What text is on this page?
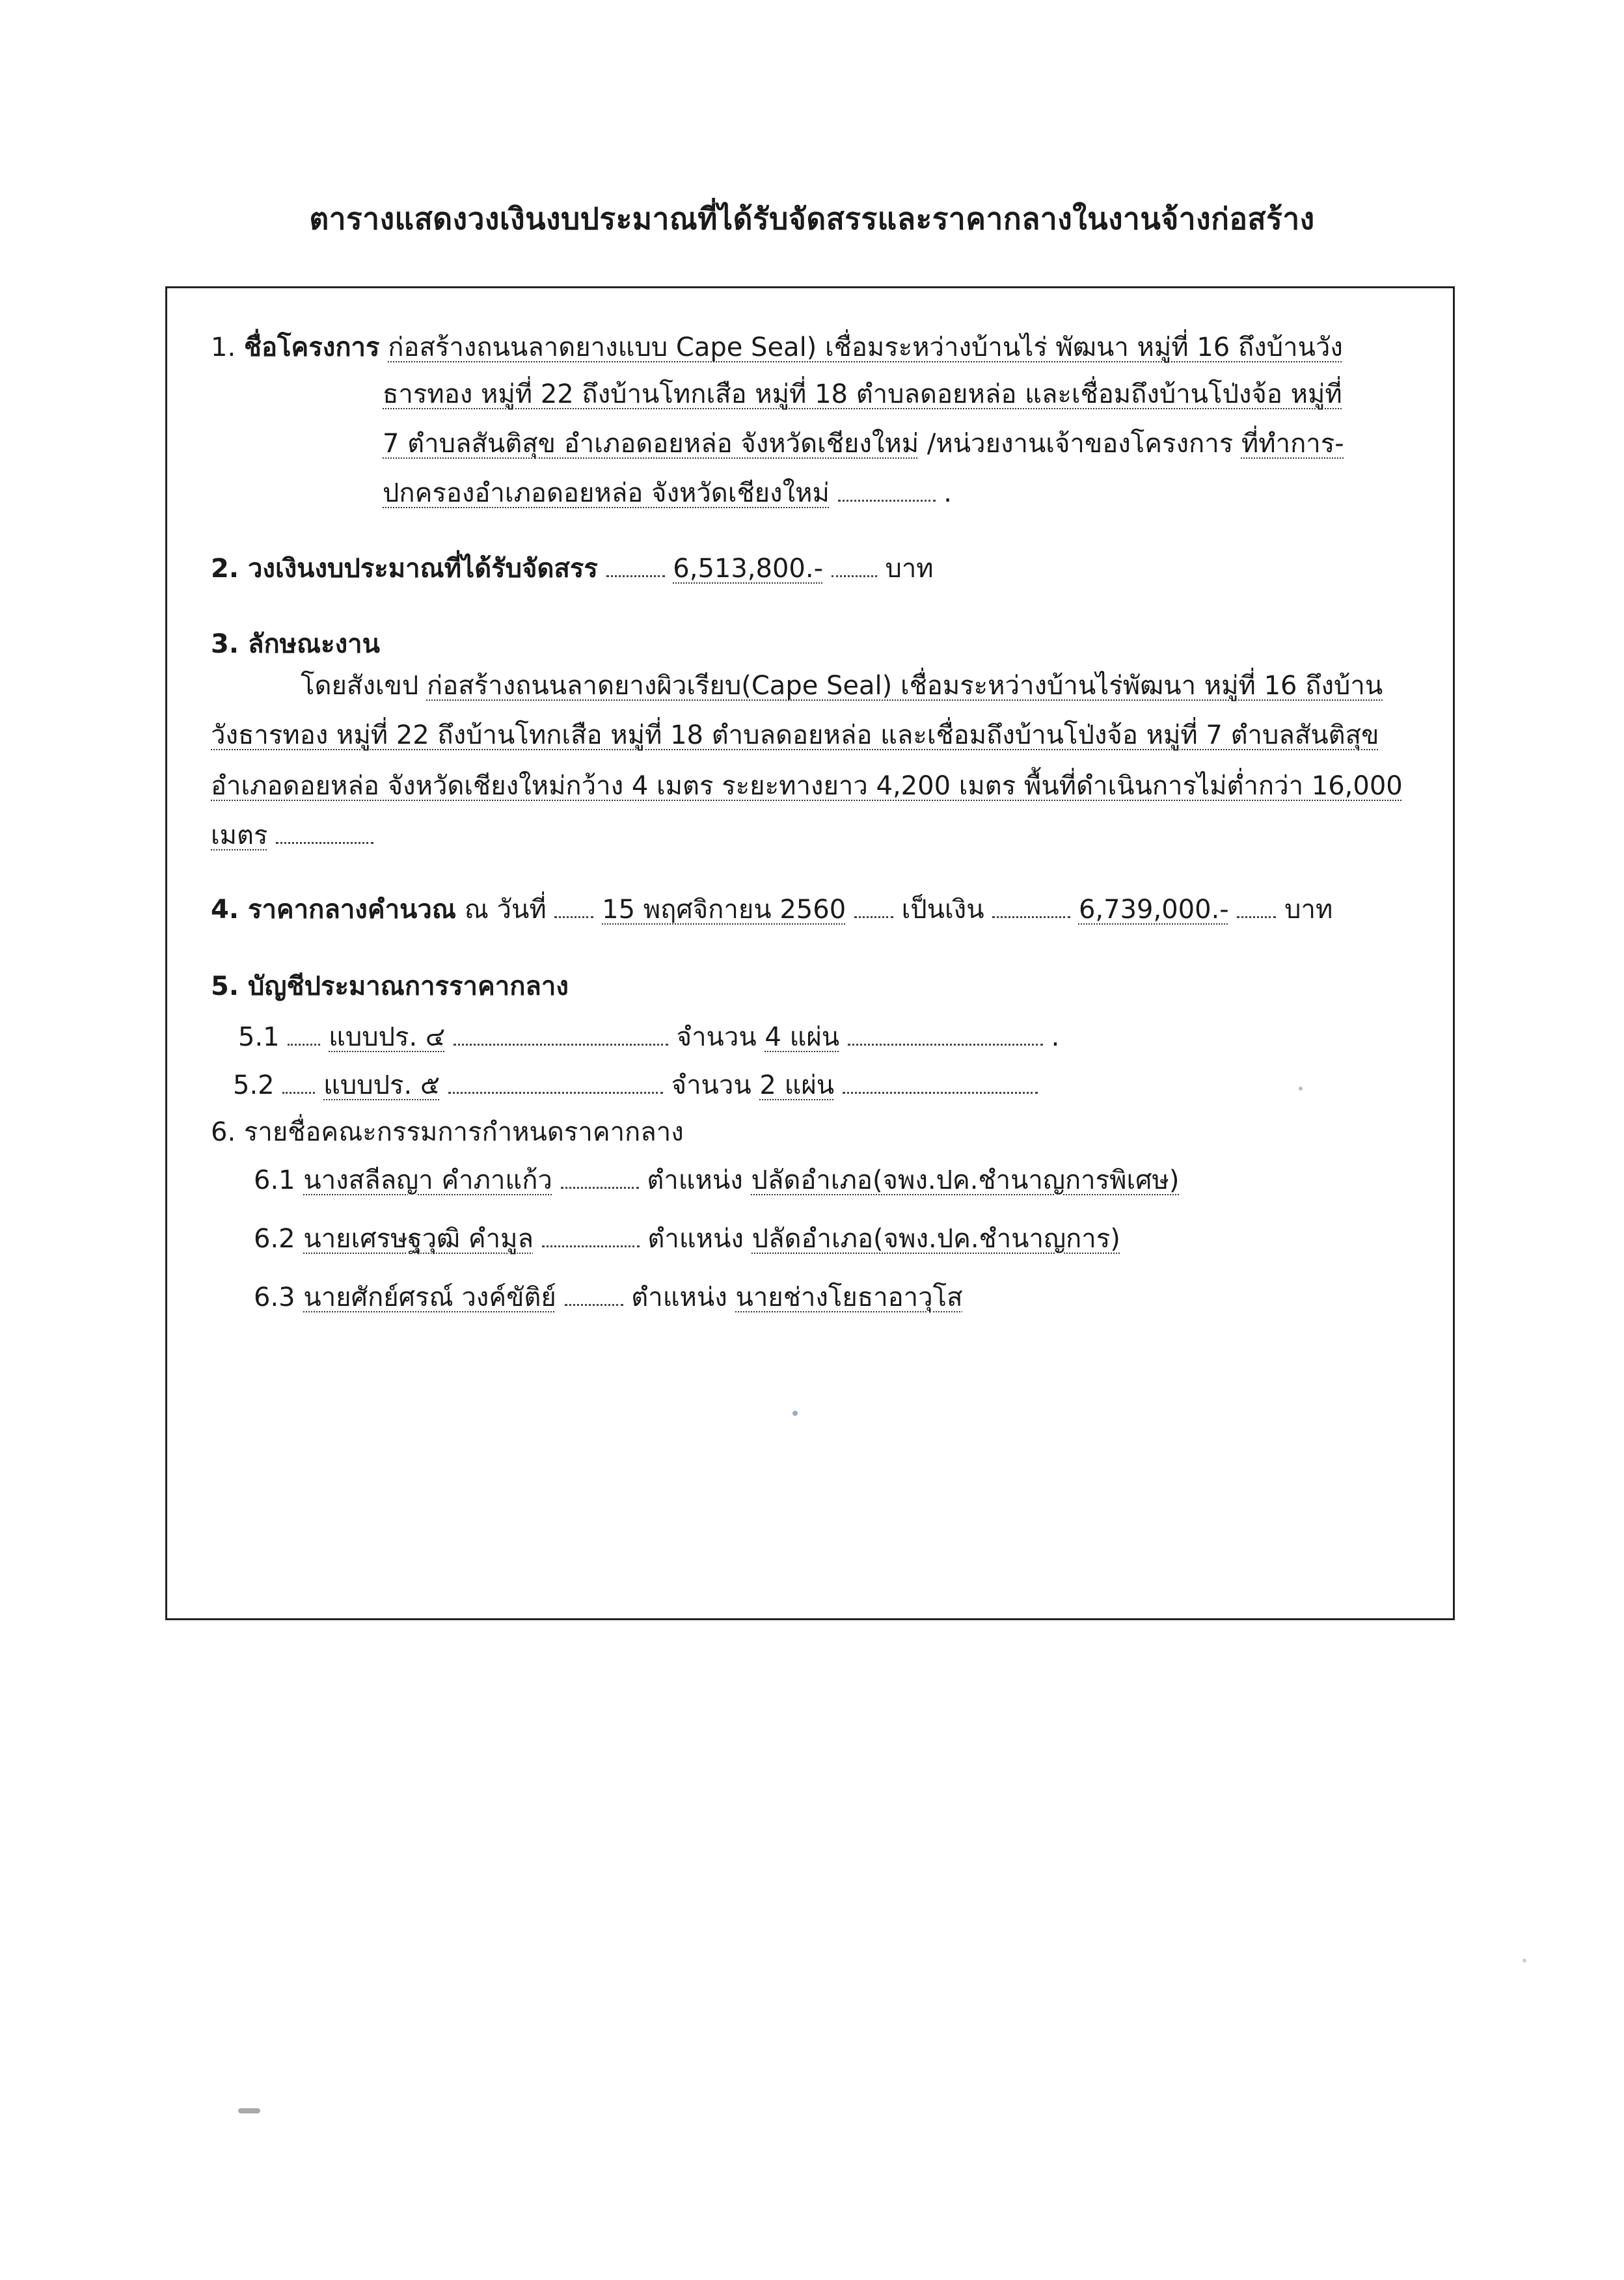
ตารางแสดงวงเงินงบประมาณที่ได้รับจัดสรรและราคากลางในงานจ้างก่อสร้าง
1. ชื่อโครงการ ก่อสร้างถนนลาดยางแบบ Cape Seal) เชื่อมระหว่างบ้านไร่ พัฒนา หมู่ที่ 16 ถึงบ้านวัง
ธารทอง หมู่ที่ 22 ถึงบ้านโทกเสือ หมู่ที่ 18 ตำบลดอยหล่อ และเชื่อมถึงบ้านโป่งจ้อ หมู่ที่
7 ตำบลสันติสุข อำเภอดอยหล่อ จังหวัดเชียงใหม่ /หน่วยงานเจ้าของโครงการ ที่ทำการ-
ปกครองอำเภอดอยหล่อ จังหวัดเชียงใหม่	.
2. วงเงินงบประมาณที่ได้รับจัดสรร	6,513,800.- บาท
3. ลักษณะงาน
โดยสังเขป ก่อสร้างถนนลาดยางผิวเรียบ(Cape Seal) เชื่อมระหว่างบ้านไร่พัฒนา หมู่ที่ 16 ถึงบ้าน
วังธารทอง หมู่ที่ 22 ถึงบ้านโทกเสือ หมู่ที่ 18 ตำบลดอยหล่อ และเชื่อมถึงบ้านโป่งจ้อ หมู่ที่ 7 ตำบลสันติสุข
อำเภอดอยหล่อ จังหวัดเชียงใหม่กว้าง 4 เมตร ระยะทางยาว 4,200 เมตร พื้นที่ดำเนินการไม่ต่ำกว่า 16,000
เมตร
4. ราคากลางคำนวณ ณ วันที่ 15 พฤศจิกายน 2560 เป็นเงิน	6,739,000.- บาท
5. บัญชีประมาณการราคากลาง
5.1 แบบปร. ๔	จำนวน 4 แผ่น	.
5.2 แบบปร. ๕	จำนวน 2 แผ่น
6. รายชื่อคณะกรรมการกำหนดราคากลาง
6.1 นางสลีลญา คำภาแก้ว	ตำแหน่ง ปลัดอำเภอ(จพง.ปค.ชำนาญการพิเศษ)
6.2 นายเศรษฐวุฒิ คำมูล	ตำแหน่ง ปลัดอำเภอ(จพง.ปค.ชำนาญการ)
6.3 นายศักย์ศรณ์ วงค์ขัติย์	ตำแหน่ง นายช่างโยธาอาวุโส
